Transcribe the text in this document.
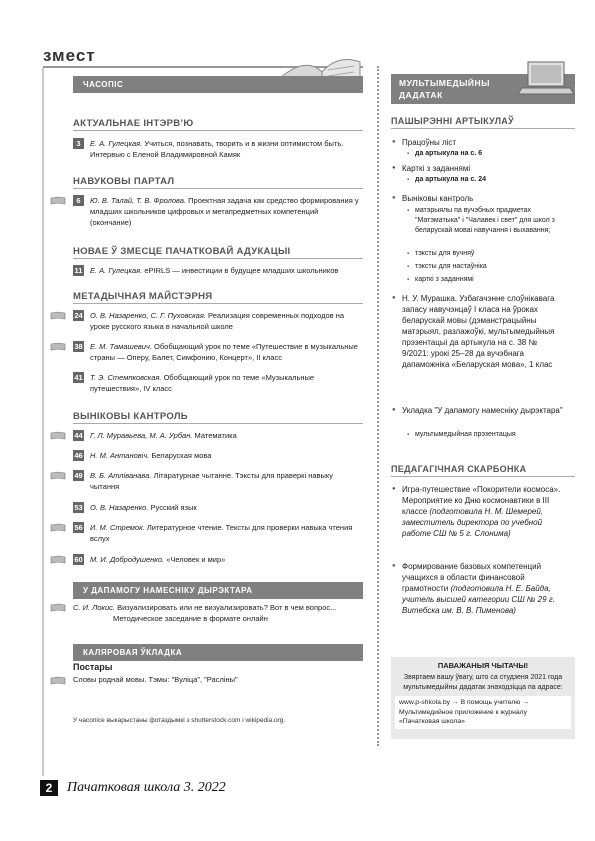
змест
ЧАСОПІС
АКТУАЛЬНАЕ ІНТЭРВ’Ю
3	Е. А. Гулецкая. Учиться, познавать, творить и в жизни оптимистом быть. Интервью с Еленой Владимировной Камяк
НАВУКОВЫ ПАРТАЛ
6	Ю. В. Талай, Т. В. Фролова. Проектная задача как средство формирования у младших школьников цифровых и метапредметных компетенций (окончание)
НОВАЕ Ў ЗМЕСЦЕ ПАЧАТКОВАЙ АДУКАЦЫІ
11 Е. А. Гулецкая. ePIRLS — инвестиции в будущее младших школьников
МЕТАДЫЧНАЯ МАЙСТЭРНЯ
24 О. В. Назаренко, С. Г. Пуховская. Реализация современных подходов на уроке русского языка в начальной школе
38 Е. М. Тамашевич. Обобщающий урок по теме «Путешествие в музыкальные страны — Оперу, Балет, Симфонию, Концерт», II класс
41 Т. Э. Стемпковская. Обобщающий урок по теме «Музыкальные путешествия», IV класс
ВЫНІКОВЫ КАНТРОЛЬ
44 Г. Л. Муравьева, М. А. Урбан. Математика
46 Н. М. Антановіч. Беларуская мова
49 В. Б. Атліванава. Літаратурнае чытанне. Тэксты для праверкі навыку чытання
53 О. В. Назаренко. Русский язык
56 И. М. Стремок. Литературное чтение. Тексты для проверки навыка чтения вслух
60 М. И. Добродушенко. «Человек и мир»
У ДАПАМОГУ НАМЕСНІКУ ДЫРЭКТАРА
С. И. Локис. Визуализировать или не визуализировать? Вот в чем вопрос...
Методическое заседание в формате онлайн
КАЛЯРОВАЯ ЎКЛАДКА
Постары
Словы роднай мовы. Тэмы: "Вуліца", "Расліны"
У часопісе выкарыстаны фотаздымкі з shutterstock.com і wikipedia.org.
МУЛЬТЫМЕДЫЙНЫ
ДАДАТАК
ПАШЫРЭННІ АРТЫКУЛАЎ
● Працоўны ліст
▪ да артыкула на с. 6
● Карткі з заданнямі
▪ да артыкула на с. 24
● Выніковы кантроль
▪ матэрыялы па вучэбных прадметах "Матэматыка" і "Чалавек і свет" для школ з беларускай моваі навучання і выхавання;
▪ тэксты для вучняў
▪ тэксты для настаўніка
▪ карткі з заданнямі
● Н. У. Мурашка. Узбагачэнне слоўнікавага запасу навучэнцаў І класа на ўроках беларускай мовы (дэманстрацыйны матэрыял, разлажоўкі, мультымедыйныя прэзентацыі да артыкула на с. 38 № 9/2021: урокі 25–28 да вучэбнага дапаможніка «Беларуская мова», 1 клас
● Укладка "У дапамогу намесніку дырэктара"
▪ мультымедыйная прэзентацыя
ПЕДАГАГІЧНАЯ СКАРБОНКА
● Игра-путешествие «Покорители космоса». Мероприятие ко Дню космонавтики в III классе (подготовила Н. М. Шемерей, заместитель директора по учебной работе СШ № 5 г. Слонима)
● Формирование базовых компетенций учащихся в области финансовой грамотности (подготовила Н. Е. Байда, учитель высшей категории СШ № 29 г. Витебска им. В. В. Пименова)
ПАВАЖАНЫЯ ЧЫТАЧЫ!
Звяртаем вашу ўвагу, што са студзеня 2021 года мультымедыйны дадатак знаходзіцца па адрасе:
www.p-shkola.by → В помощь учителю → Мультимедийное приложение к журналу «Пачатковая школа»
2	Пачатковая школа 3. 2022
